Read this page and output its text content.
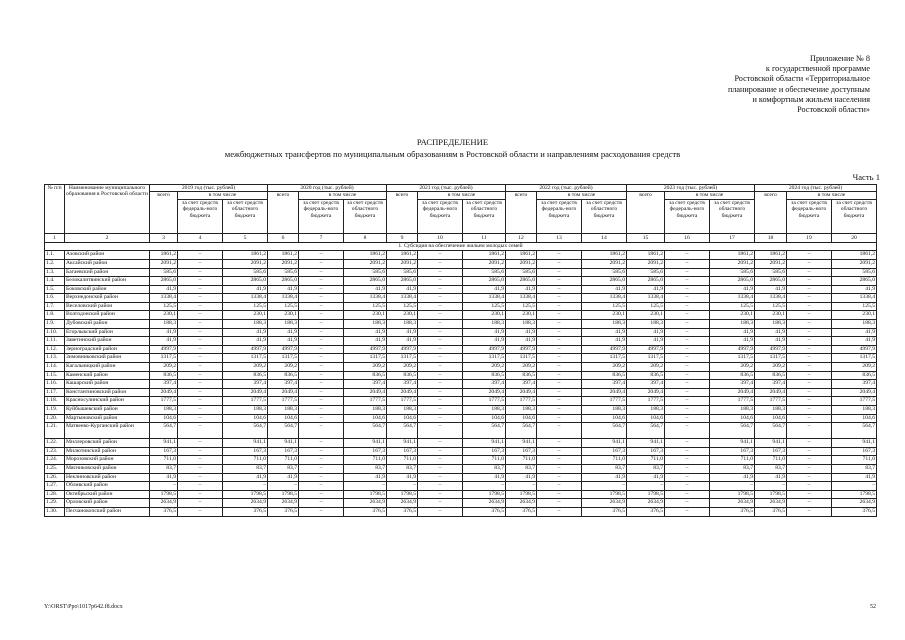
Приложение № 8
к государственной программе
Ростовской области «Территориальное
планирование и обеспечение доступным
и комфортным жильем населения
Ростовской области»
РАСПРЕДЕЛЕНИЕ
межбюджетных трансфертов по муниципальным образованиям в Ростовской области и направлениям расходования средств
Часть 1
№ п/п	Наименование муниципального образования в Ростовской области	2019 год (тыс. рублей)			2020 год (тыс. рублей)			2021 год (тыс. рублей)			2022 год (тыс. рублей)			2023 год (тыс. рублей)			2024 год (тыс. рублей)		
		всего	в том числе		всего	в том числе		всего	в том числе		всего	в том числе		всего	в том числе		всего	в том числе	
			за счет средств федераль-ного бюджета	за счет средств областного бюджета		за счет средств федераль-ного бюджета	за счет средств областного бюджета		за счет средств федераль-ного бюджета	за счет средств областного бюджета		за счет средств федераль-ного бюджета	за счет средств областного бюджета		за счет средств федераль-ного бюджета	за счет средств областного бюджета		за счет средств федераль-ного бюджета	за счет средств областного бюджета
1	2	3	4	5	6	7	8	9	10	11	12	13	14	15	16	17	18	19	20
1. Субсидия на обеспечение жильем молодых семей																			
1.1.	Азовский район	1861,2	–	1861,2	1861,2	–	1861,2	1861,2	–	1861,2	1861,2	–	1861,2	1861,2	–	1861,2	1861,2	–	1861,2
1.2.	Аксайский район	2091,2	–	2091,2	2091,2	–	2091,2	2091,2	–	2091,2	2091,2	–	2091,2	2091,2	–	2091,2	2091,2	–	2091,2
1.3.	Багаевский район	585,6	–	585,6	585,6	–	585,6	585,6	–	585,6	585,6	–	585,6	585,6	–	585,6	585,6	–	585,6
1.4.	Белокалитвинский район	2865,0	–	2865,0	2865,0	–	2865,0	2865,0	–	2865,0	2865,0	–	2865,0	2865,0	–	2865,0	2865,0	–	2865,0
1.5.	Боковский район	41,9	–	41,9	41,9	–	41,9	41,9	–	41,9	41,9	–	41,9	41,9	–	41,9	41,9	–	41,9
1.6.	Верхнедонской район	1338,4	–	1338,4	1338,4	–	1338,4	1338,4	–	1338,4	1338,4	–	1338,4	1338,4	–	1338,4	1338,4	–	1338,4
1.7.	Веселовский район	125,5	–	125,5	125,5	–	125,5	125,5	–	125,5	125,5	–	125,5	125,5	–	125,5	125,5	–	125,5
1.8.	Волгодонской район	230,1	–	230,1	230,1	–	230,1	230,1	–	230,1	230,1	–	230,1	230,1	–	230,1	230,1	–	230,1
1.9.	Дубовский район	188,3	–	188,3	188,3	–	188,3	188,3	–	188,3	188,3	–	188,3	188,3	–	188,3	188,3	–	188,3
1.10.	Егорлыкский район	41,9	–	41,9	41,9	–	41,9	41,9	–	41,9	41,9	–	41,9	41,9	–	41,9	41,9	–	41,9
1.11.	Заветинский район	41,9	–	41,9	41,9	–	41,9	41,9	–	41,9	41,9	–	41,9	41,9	–	41,9	41,9	–	41,9
1.12.	Зерноградский район	4997,9	–	4997,9	4997,9	–	4997,9	4997,9	–	4997,9	4997,9	–	4997,9	4997,9	–	4997,9	4997,9	–	4997,9
1.13.	Зимовниковский район	1317,5	–	1317,5	1317,5	–	1317,5	1317,5	–	1317,5	1317,5	–	1317,5	1317,5	–	1317,5	1317,5	–	1317,5
1.14.	Кагальницкий район	209,2	–	209,2	209,2	–	209,2	209,2	–	209,2	209,2	–	209,2	209,2	–	209,2	209,2	–	209,2
1.15.	Каменский район	836,5	–	836,5	836,5	–	836,5	836,5	–	836,5	836,5	–	836,5	836,5	–	836,5	836,5	–	836,5
1.16.	Кашарский район	397,4	–	397,4	397,4	–	397,4	397,4	–	397,4	397,4	–	397,4	397,4	–	397,4	397,4	–	397,4
1.17.	Константиновский район	2049,4	–	2049,4	2049,4	–	2049,4	2049,4	–	2049,4	2049,4	–	2049,4	2049,4	–	2049,4	2049,4	–	2049,4
1.18.	Красносулинский район	1777,5	–	1777,5	1777,5	–	1777,5	1777,5	–	1777,5	1777,5	–	1777,5	1777,5	–	1777,5	1777,5	–	1777,5
1.19.	Куйбышевский район	188,3	–	188,3	188,3	–	188,3	188,3	–	188,3	188,3	–	188,3	188,3	–	188,3	188,3	–	188,3
1.20.	Мартыновский район	104,6	–	104,6	104,6	–	104,6	104,6	–	104,6	104,6	–	104,6	104,6	–	104,6	104,6	–	104,6
1.21.	Матвеево-Курганский район	564,7	–	564,7	564,7	–	564,7	564,7	–	564,7	564,7	–	564,7	564,7	–	564,7	564,7	–	564,7
1.22.	Миллеровский район	941,1	–	941,1	941,1	–	941,1	941,1	–	941,1	941,1	–	941,1	941,1	–	941,1	941,1	–	941,1
1.23.	Милютинский район	167,3	–	167,3	167,3	–	167,3	167,3	–	167,3	167,3	–	167,3	167,3	–	167,3	167,3	–	167,3
1.24.	Морозовский район	711,0	–	711,0	711,0	–	711,0	711,0	–	711,0	711,0	–	711,0	711,0	–	711,0	711,0	–	711,0
1.25.	Мясниковский район	83,7	–	83,7	83,7	–	83,7	83,7	–	83,7	83,7	–	83,7	83,7	–	83,7	83,7	–	83,7
1.26.	Неклиновский район	41,9	–	41,9	41,9	–	41,9	41,9	–	41,9	41,9	–	41,9	41,9	–	41,9	41,9	–	41,9
1.27.	Обливский район	–	–	–	–	–	–	–	–	–	–	–	–	–	–	–	–	–	–
1.28.	Октябрьский район	1798,5	–	1798,5	1798,5	–	1798,5	1798,5	–	1798,5	1798,5	–	1798,5	1798,5	–	1798,5	1798,5	–	1798,5
1.29.	Орловский район	2634,9	–	2634,9	2634,9	–	2634,9	2634,9	–	2634,9	2634,9	–	2634,9	2634,9	–	2634,9	2634,9	–	2634,9
1.30.	Песчанокопский район	376,5	–	376,5	376,5	–	376,5	376,5	–	376,5	376,5	–	376,5	376,5	–	376,5	376,5	–	376,5
Y:\ORST\Ppo\1017p642.f8.docx	52
